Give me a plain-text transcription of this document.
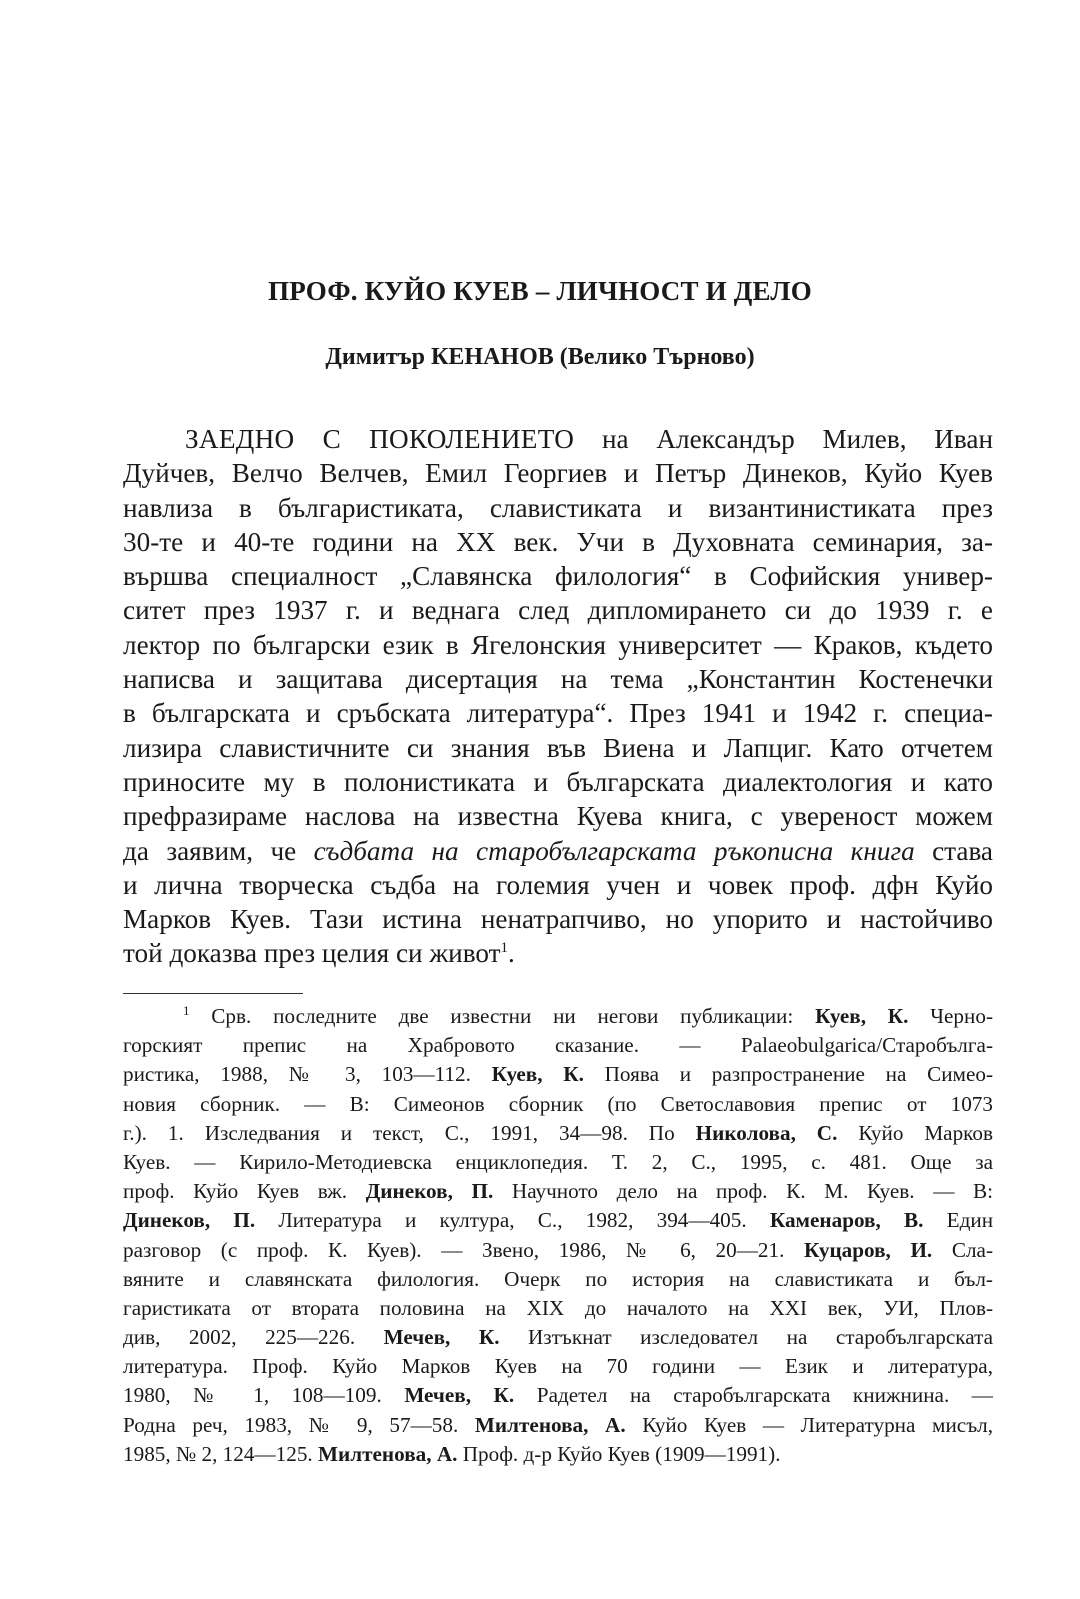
ПРОФ. КУЙО КУЕВ – ЛИЧНОСТ И ДЕЛО
Димитър КЕНАНОВ (Велико Търново)
ЗАЕДНО С ПОКОЛЕНИЕТО на Александър Милев, Иван
Дуйчев, Велчо Велчев, Емил Георгиев и Петър Динеков, Куйо Куев
навлиза в българистиката, славистиката и византинистиката през
30-те и 40-те години на ХХ век. Учи в Духовната семинария, за-
вършва специалност „Славянска филология“ в Софийския универ-
ситет през 1937 г. и веднага след дипломирането си до 1939 г. е
лектор по български език в Ягелонския университет — Краков, където
написва и защитава дисертация на тема „Константин Костенечки
в българската и сръбската литература“. През 1941 и 1942 г. специа-
лизира славистичните си знания във Виена и Лапциг. Като отчетем
приносите му в полонистиката и българската диалектология и като
префразираме наслова на известна Куева книга, с увереност можем
да заявим, че съдбата на старобългарската ръкописна книга става
и лична творческа съдба на големия учен и човек проф. дфн Куйо
Марков Куев. Тази истина ненатрапчиво, но упорито и настойчиво
той доказва през целия си живот$^1$.
$^1$ Срв. последните две известни ни негови публикации: Куев, К. Черно-
горският препис на Храбровото сказание. — Palaeobulgarica/Старобълга-
ристика, 1988, № 3, 103—112. Куев, К. Поява и разпространение на Симео-
новия сборник. — В: Симеонов сборник (по Светославовия препис от 1073
г.). 1. Изследвания и текст, С., 1991, 34—98. По Николова, С. Куйо Марков
Куев. — Кирило-Методиевска енциклопедия. Т. 2, С., 1995, с. 481. Още за
проф. Куйо Куев вж. Динеков, П. Научното дело на проф. К. М. Куев. — В:
Динеков, П. Литература и култура, С., 1982, 394—405. Каменаров, В. Един
разговор (с проф. К. Куев). — Звено, 1986, № 6, 20—21. Куцаров, И. Сла-
вяните и славянската филология. Очерк по история на славистиката и бъл-
гаристиката от втората половина на XIX до началото на XXI век, УИ, Плов-
див, 2002, 225—226. Мечев, К. Изтъкнат изследовател на старобългарската
литература. Проф. Куйо Марков Куев на 70 години — Език и литература,
1980, № 1, 108—109. Мечев, К. Радетел на старобългарската книжнина. —
Родна реч, 1983, № 9, 57—58. Милтенова, А. Куйо Куев — Литературна мисъл,
1985, № 2, 124—125. Милтенова, А. Проф. д-р Куйо Куев (1909—1991).
